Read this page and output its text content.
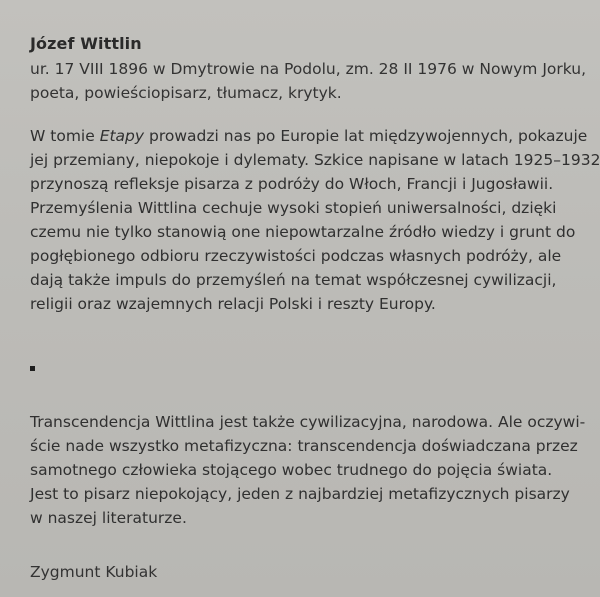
Józef Wittlin
ur. 17 VIII 1896 w Dmytrowie na Podolu, zm. 28 II 1976 w Nowym Jorku,
poeta, powieściopisarz, tłumacz, krytyk.
W tomie Etapy prowadzi nas po Europie lat międzywojennych, pokazuje
jej przemiany, niepokoje i dylematy. Szkice napisane w latach 1925–1932
przynoszą refleksje pisarza z podróży do Włoch, Francji i Jugosławii.
Przemyślenia Wittlina cechuje wysoki stopień uniwersalności, dzięki
czemu nie tylko stanowią one niepowtarzalne źródło wiedzy i grunt do
pogłębionego odbioru rzeczywistości podczas własnych podróży, ale
dają także impuls do przemyśleń na temat współczesnej cywilizacji,
religii oraz wzajemnych relacji Polski i reszty Europy.
Transcendencja Wittlina jest także cywilizacyjna, narodowa. Ale oczywi-
ście nade wszystko metafizyczna: transcendencja doświadczana przez
samotnego człowieka stojącego wobec trudnego do pojęcia świata.
Jest to pisarz niepokojący, jeden z najbardziej metafizycznych pisarzy
w naszej literaturze.
Zygmunt Kubiak
